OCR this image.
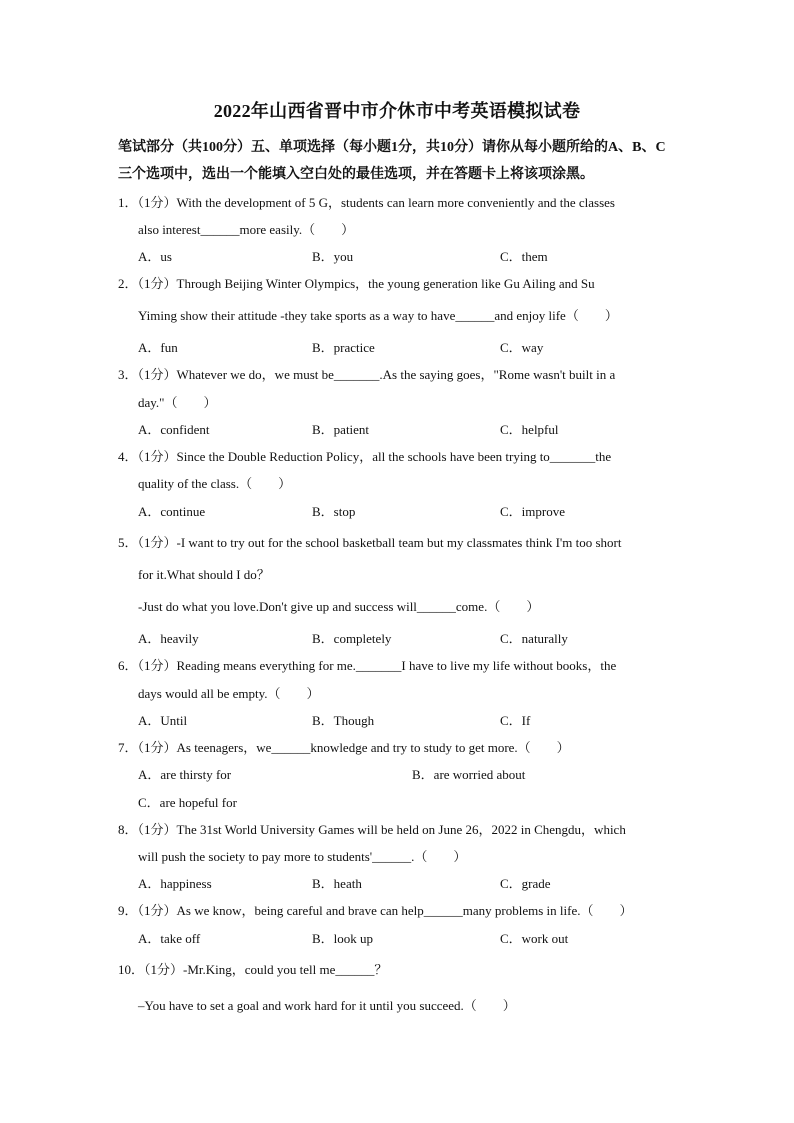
2022年山西省晋中市介休市中考英语模拟试卷
笔试部分（共100分）五、单项选择（每小题1分，共10分）请你从每小题所给的A、B、C
三个选项中，选出一个能填入空白处的最佳选项，并在答题卡上将该项涂黑。
1．（1分）With the development of 5 G，students can learn more conveniently and the classes
also interest______more easily.（　　）
A．us	B．you	C．them
2．（1分）Through Beijing Winter Olympics，the young generation like Gu Ailing and Su
Yiming show their attitude -they take sports as a way to have______and enjoy life（　　）
A．fun	B．practice	C．way
3．（1分）Whatever we do，we must be_______.As the saying goes，"Rome wasn't built in a
day."（　　）
A．confident	B．patient	C．helpful
4．（1分）Since the Double Reduction Policy，all the schools have been trying to_______the
quality of the class.（　　）
A．continue	B．stop	C．improve
5．（1分）-I want to try out for the school basketball team but my classmates think I'm too short
for it.What should I do？
-Just do what you love.Don't give up and success will______come.（　　）
A．heavily	B．completely	C．naturally
6．（1分）Reading means everything for me._______I have to live my life without books，the
days would all be empty.（　　）
A．Until	B．Though	C．If
7．（1分）As teenagers，we______knowledge and try to study to get more.（　　）
A．are thirsty for	B．are worried about
C．are hopeful for
8．（1分）The 31st World University Games will be held on June 26，2022 in Chengdu，which
will push the society to pay more to students'______.（　　）
A．happiness	B．heath	C．grade
9．（1分）As we know，being careful and brave can help______many problems in life.（　　）
A．take off	B．look up	C．work out
10．（1分）-Mr.King，could you tell me______？
–You have to set a goal and work hard for it until you succeed.（　　）
